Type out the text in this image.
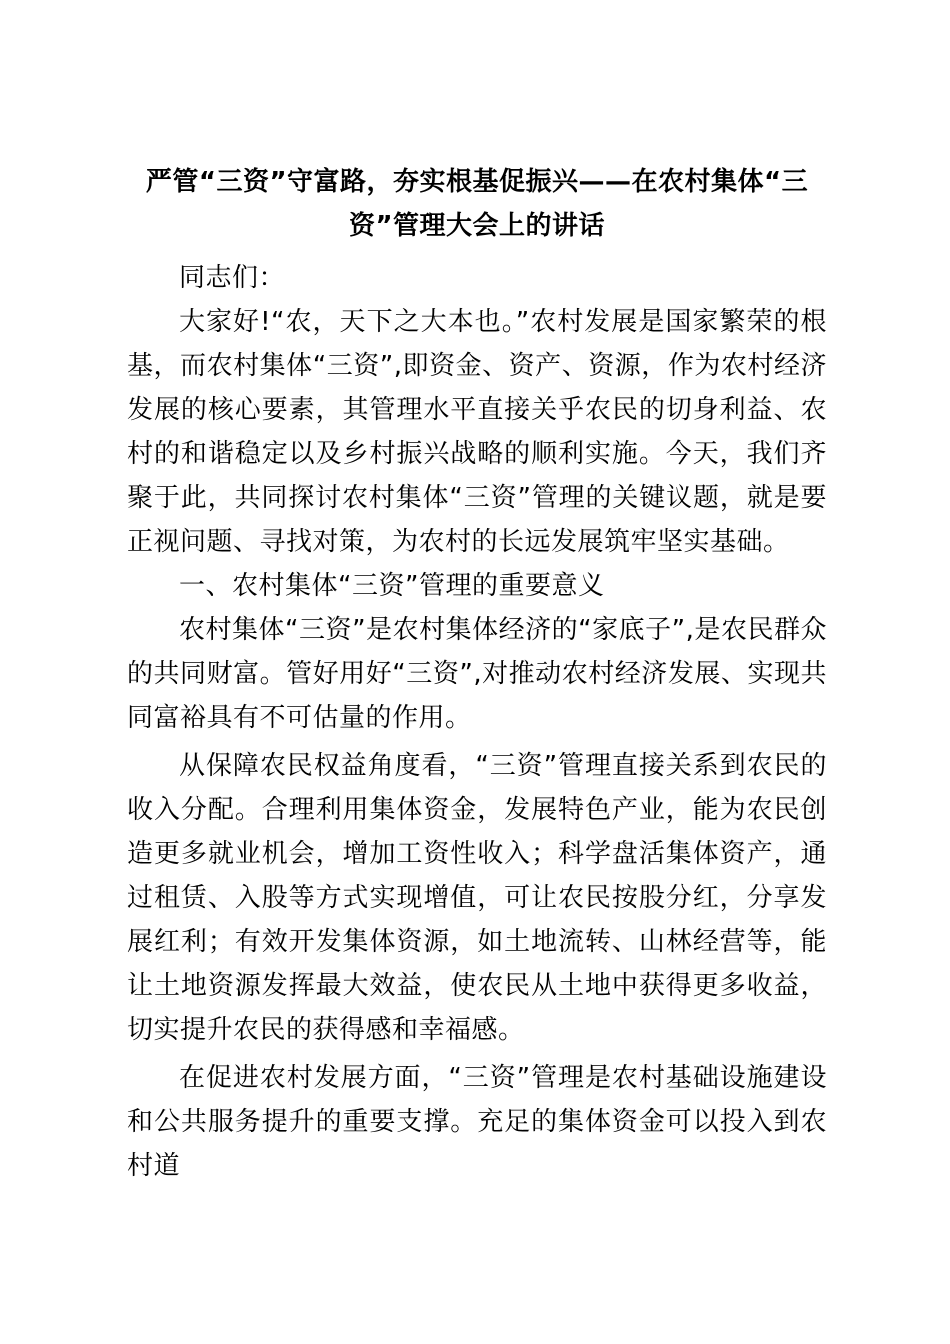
严管“三资”守富路，夯实根基促振兴——在农村集体“三
资”管理大会上的讲话

同志们：

大家好!“农，天下之大本也。”农村发展是国家繁荣的根基，而农村集体“三资”,即资金、资产、资源，作为农村经济发展的核心要素，其管理水平直接关乎农民的切身利益、农村的和谐稳定以及乡村振兴战略的顺利实施。今天，我们齐聚于此，共同探讨农村集体“三资”管理的关键议题，就是要正视问题、寻找对策，为农村的长远发展筑牢坚实基础。

一、农村集体“三资”管理的重要意义

农村集体“三资”是农村集体经济的“家底子”,是农民群众的共同财富。管好用好“三资”,对推动农村经济发展、实现共同富裕具有不可估量的作用。

从保障农民权益角度看，“三资”管理直接关系到农民的收入分配。合理利用集体资金，发展特色产业，能为农民创造更多就业机会，增加工资性收入；科学盘活集体资产，通过租赁、入股等方式实现增值，可让农民按股分红，分享发展红利；有效开发集体资源，如土地流转、山林经营等，能让土地资源发挥最大效益，使农民从土地中获得更多收益，切实提升农民的获得感和幸福感。

在促进农村发展方面，“三资”管理是农村基础设施建设和公共服务提升的重要支撑。充足的集体资金可以投入到农村道
